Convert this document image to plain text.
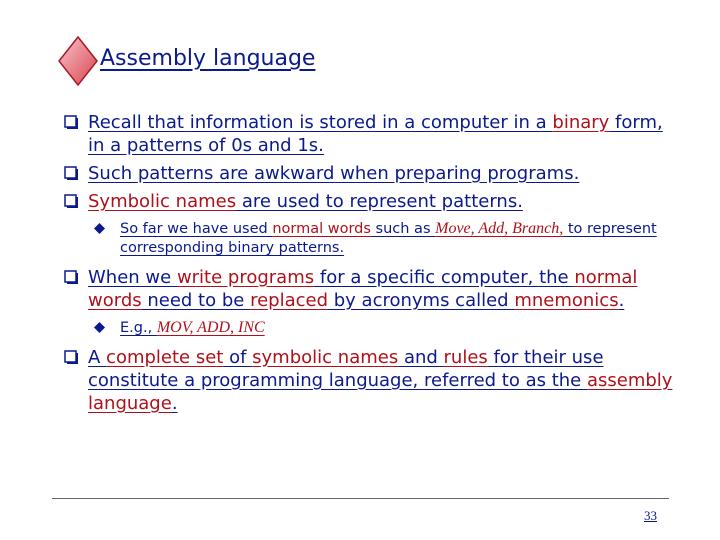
Assembly language
Recall that information is stored in a computer in a binary form, in a patterns of 0s and 1s.
Such patterns are awkward when preparing programs.
Symbolic names are used to represent patterns.
So far we have used normal words such as Move, Add, Branch, to represent corresponding binary patterns.
When we write programs for a specific computer, the normal words need to be replaced by acronyms called mnemonics.
E.g., MOV, ADD, INC
A complete set of symbolic names and rules for their use constitute a programming language, referred to as the assembly language.
33
